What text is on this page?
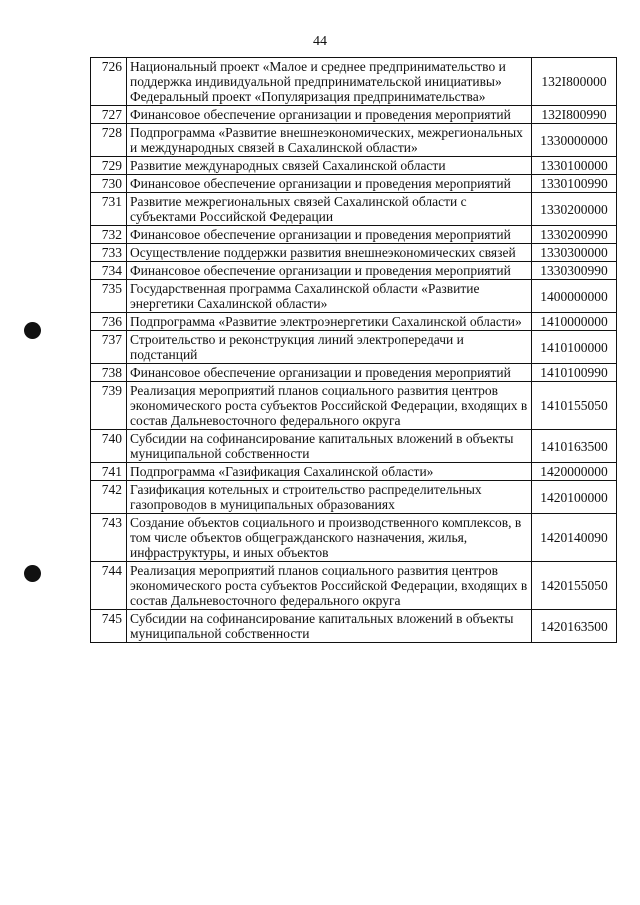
44
726	Национальный проект «Малое и среднее предпринимательство и поддержка индивидуальной предпринимательской инициативы» Федеральный проект «Популяризация предпринимательства»	132I800000
727	Финансовое обеспечение организации и проведения мероприятий	132I800990
728	Подпрограмма «Развитие внешнеэкономических, межрегиональных и международных связей в Сахалинской области»	1330000000
729	Развитие международных связей Сахалинской области	1330100000
730	Финансовое обеспечение организации и проведения мероприятий	1330100990
731	Развитие межрегиональных связей Сахалинской области с субъектами Российской Федерации	1330200000
732	Финансовое обеспечение организации и проведения мероприятий	1330200990
733	Осуществление поддержки развития внешнеэкономических связей	1330300000
734	Финансовое обеспечение организации и проведения мероприятий	1330300990
735	Государственная программа Сахалинской области «Развитие энергетики Сахалинской области»	1400000000
736	Подпрограмма «Развитие электроэнергетики Сахалинской области»	1410000000
737	Строительство и реконструкция линий электропередачи и подстанций	1410100000
738	Финансовое обеспечение организации и проведения мероприятий	1410100990
739	Реализация мероприятий планов социального развития центров экономического роста субъектов Российской Федерации, входящих в состав Дальневосточного федерального округа	1410155050
740	Субсидии на софинансирование капитальных вложений в объекты муниципальной собственности	1410163500
741	Подпрограмма «Газификация Сахалинской области»	1420000000
742	Газификация котельных и строительство распределительных газопроводов в муниципальных образованиях	1420100000
743	Создание объектов социального и производственного комплексов, в том числе объектов общегражданского назначения, жилья, инфраструктуры, и иных объектов	1420140090
744	Реализация мероприятий планов социального развития центров экономического роста субъектов Российской Федерации, входящих в состав Дальневосточного федерального округа	1420155050
745	Субсидии на софинансирование капитальных вложений в объекты муниципальной собственности	1420163500
